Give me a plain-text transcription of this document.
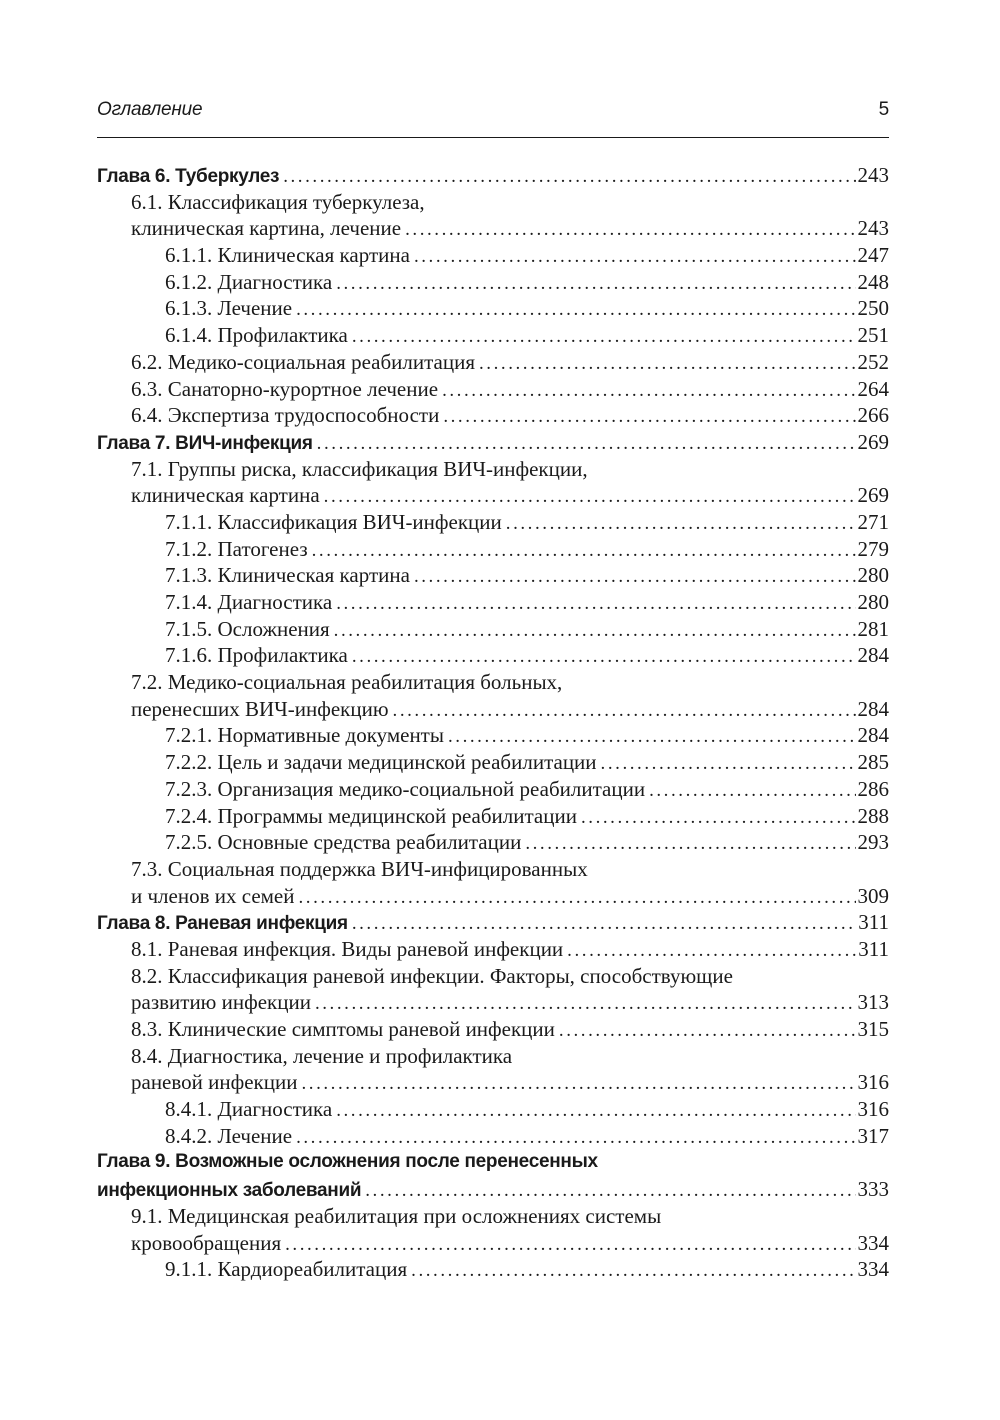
Оглавление	5
Глава 6. Туберкулез . . .	243
6.1. Классификация туберкулеза,
клиническая картина, лечение . . .	243
6.1.1. Клиническая картина . . .	247
6.1.2. Диагностика . . .	248
6.1.3. Лечение . . .	250
6.1.4. Профилактика . . .	251
6.2. Медико-социальная реабилитация . . .	252
6.3. Санаторно-курортное лечение . . .	264
6.4. Экспертиза трудоспособности . . .	266
Глава 7. ВИЧ-инфекция . . .	269
7.1. Группы риска, классификация ВИЧ-инфекции,
клиническая картина . . .	269
7.1.1. Классификация ВИЧ-инфекции . . .	271
7.1.2. Патогенез . . .	279
7.1.3. Клиническая картина . . .	280
7.1.4. Диагностика . . .	280
7.1.5. Осложнения . . .	281
7.1.6. Профилактика . . .	284
7.2. Медико-социальная реабилитация больных,
перенесших ВИЧ-инфекцию . . .	284
7.2.1. Нормативные документы . . .	284
7.2.2. Цель и задачи медицинской реабилитации . . .	285
7.2.3. Организация медико-социальной реабилитации . . .	286
7.2.4. Программы медицинской реабилитации . . .	288
7.2.5. Основные средства реабилитации . . .	293
7.3. Социальная поддержка ВИЧ-инфицированных
и членов их семей . . .	309
Глава 8. Раневая инфекция . . .	311
8.1. Раневая инфекция. Виды раневой инфекции . . .	311
8.2. Классификация раневой инфекции. Факторы, способствующие
развитию инфекции . . .	313
8.3. Клинические симптомы раневой инфекции . . .	315
8.4. Диагностика, лечение и профилактика
раневой инфекции . . .	316
8.4.1. Диагностика . . .	316
8.4.2. Лечение . . .	317
Глава 9. Возможные осложнения после перенесенных
инфекционных заболеваний . . .	333
9.1. Медицинская реабилитация при осложнениях системы
кровообращения . . .	334
9.1.1. Кардиореабилитация . . .	334
